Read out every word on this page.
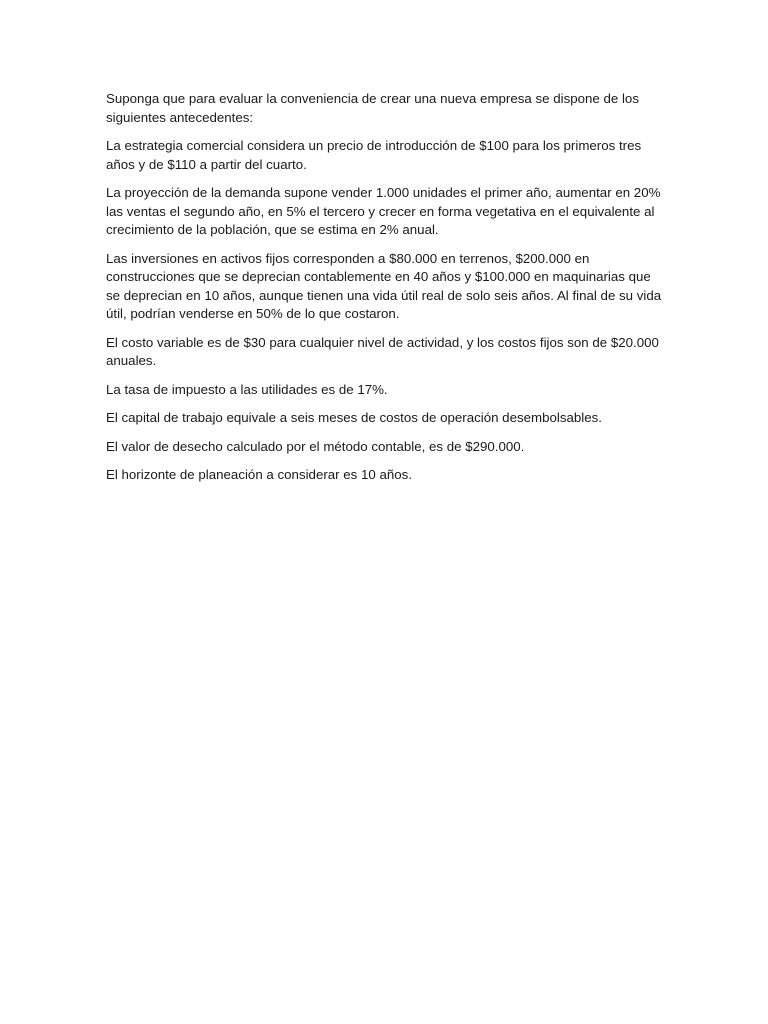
Suponga que para evaluar la conveniencia de crear una nueva empresa se dispone de los siguientes antecedentes:

La estrategia comercial considera un precio de introducción de $100 para los primeros tres años y de $110 a partir del cuarto.

La proyección de la demanda supone vender 1.000 unidades el primer año, aumentar en 20% las ventas el segundo año, en 5% el tercero y crecer en forma vegetativa en el equivalente al crecimiento de la población, que se estima en 2% anual.

Las inversiones en activos fijos corresponden a $80.000 en terrenos, $200.000 en construcciones que se deprecian contablemente en 40 años y $100.000 en maquinarias que se deprecian en 10 años, aunque tienen una vida útil real de solo seis años. Al final de su vida útil, podrían venderse en 50% de lo que costaron.

El costo variable es de $30 para cualquier nivel de actividad, y los costos fijos son de $20.000 anuales.

La tasa de impuesto a las utilidades es de 17%.

El capital de trabajo equivale a seis meses de costos de operación desembolsables.

El valor de desecho calculado por el método contable, es de $290.000.

El horizonte de planeación a considerar es 10 años.
